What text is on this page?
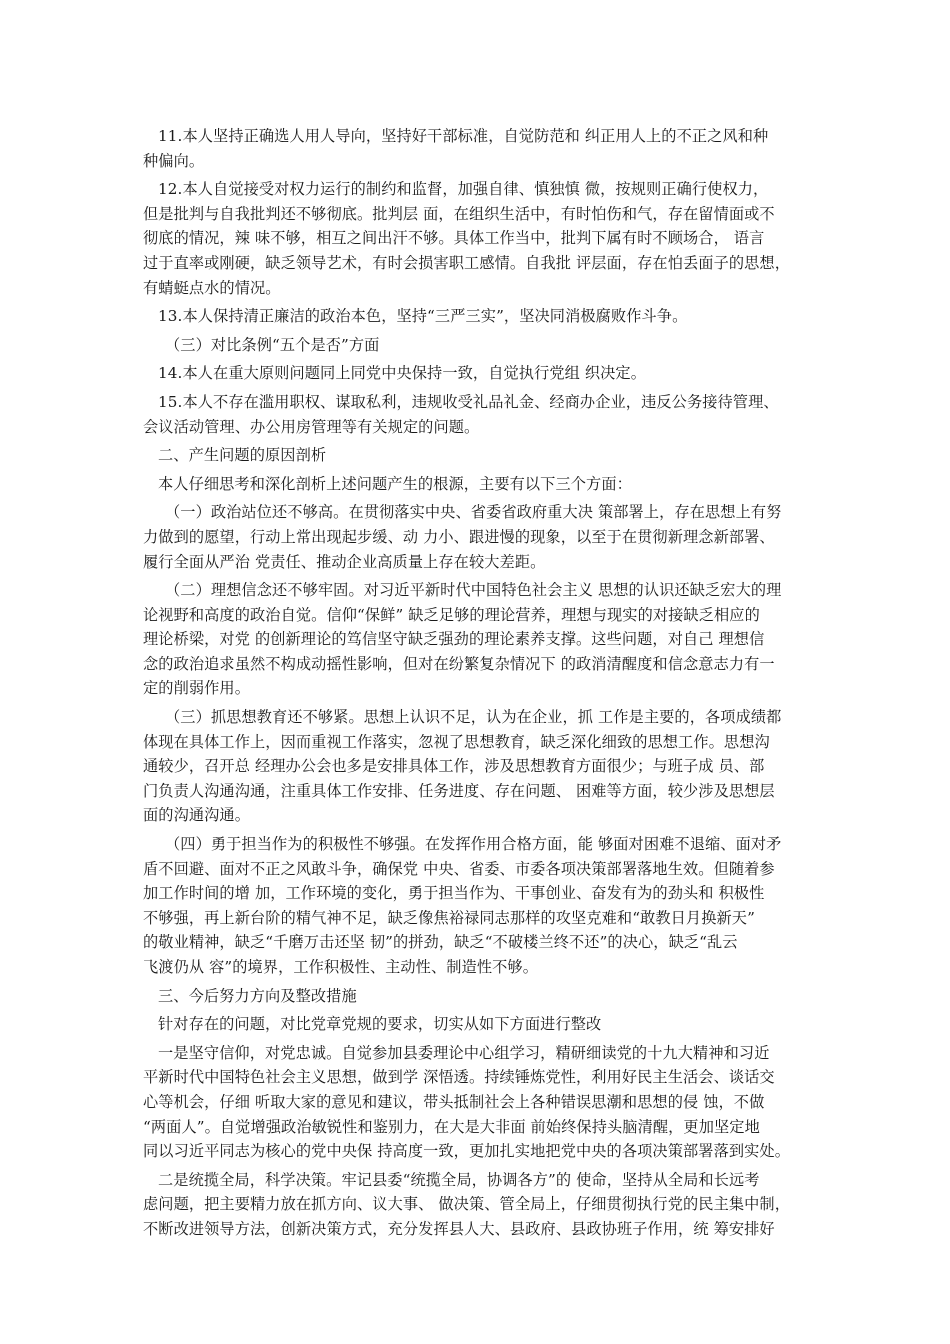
11.本人坚持正确选人用人导向，坚持好干部标准，自觉防范和 纠正用人上的不正之风和种
种偏向。
12.本人自觉接受对权力运行的制约和监督，加强自律、慎独慎 微，按规则正确行使权力，
但是批判与自我批判还不够彻底。批判层 面，在组织生活中，有时怕伤和气，存在留情面或不
彻底的情况，辣 味不够，相互之间出汗不够。具体工作当中，批判下属有时不顾场合， 语言
过于直率或刚硬，缺乏领导艺术，有时会损害职工感情。自我批 评层面，存在怕丢面子的思想，
有蜻蜓点水的情况。
13.本人保持清正廉洁的政治本色，坚持“三严三实”，坚决同消极腐败作斗争。
（三）对比条例“五个是否”方面
14.本人在重大原则问题同上同党中央保持一致，自觉执行党组 织决定。
15.本人不存在滥用职权、谋取私利，违规收受礼品礼金、经商办企业，违反公务接待管理、
会议活动管理、办公用房管理等有关规定的问题。
二、产生问题的原因剖析
本人仔细思考和深化剖析上述问题产生的根源，主要有以下三个方面：
（一）政治站位还不够高。在贯彻落实中央、省委省政府重大决 策部署上，存在思想上有努
力做到的愿望，行动上常出现起步缓、动 力小、跟进慢的现象，以至于在贯彻新理念新部署、
履行全面从严治 党责任、推动企业高质量上存在较大差距。
（二）理想信念还不够牢固。对习近平新时代中国特色社会主义 思想的认识还缺乏宏大的理
论视野和高度的政治自觉。信仰“保鲜” 缺乏足够的理论营养，理想与现实的对接缺乏相应的
理论桥梁，对党 的创新理论的笃信坚守缺乏强劲的理论素养支撑。这些问题，对自己 理想信
念的政治追求虽然不构成动摇性影响，但对在纷繁复杂情况下 的政消清醒度和信念意志力有一
定的削弱作用。
（三）抓思想教育还不够紧。思想上认识不足，认为在企业，抓 工作是主要的，各项成绩都
体现在具体工作上，因而重视工作落实，忽视了思想教育，缺乏深化细致的思想工作。思想沟
通较少，召开总 经理办公会也多是安排具体工作，涉及思想教育方面很少；与班子成 员、部
门负责人沟通沟通，注重具体工作安排、任务进度、存在问题、 困难等方面，较少涉及思想层
面的沟通沟通。
（四）勇于担当作为的积极性不够强。在发挥作用合格方面，能 够面对困难不退缩、面对矛
盾不回避、面对不正之风敢斗争，确保党 中央、省委、市委各项决策部署落地生效。但随着参
加工作时间的增 加，工作环境的变化，勇于担当作为、干事创业、奋发有为的劲头和 积极性
不够强，再上新台阶的精气神不足，缺乏像焦裕禄同志那样的攻坚克难和“敢教日月换新天”
的敬业精神，缺乏“千磨万击还坚 韧”的拼劲，缺乏“不破楼兰终不还”的决心，缺乏“乱云
飞渡仍从 容”的境界，工作积极性、主动性、制造性不够。
三、今后努力方向及整改措施
针对存在的问题，对比党章党规的要求，切实从如下方面进行整改
一是坚守信仰，对党忠诚。自觉参加县委理论中心组学习，精研细读党的十九大精神和习近
平新时代中国特色社会主义思想，做到学 深悟透。持续锤炼党性，利用好民主生活会、谈话交
心等机会，仔细 听取大家的意见和建议，带头抵制社会上各种错误思潮和思想的侵 蚀，不做
“两面人”。自觉增强政治敏锐性和鉴别力，在大是大非面 前始终保持头脑清醒，更加坚定地
同以习近平同志为核心的党中央保 持高度一致，更加扎实地把党中央的各项决策部署落到实处。
二是统揽全局，科学决策。牢记县委“统揽全局，协调各方”的 使命，坚持从全局和长远考
虑问题，把主要精力放在抓方向、议大事、 做决策、管全局上，仔细贯彻执行党的民主集中制，
不断改进领导方法，创新决策方式，充分发挥县人大、县政府、县政协班子作用，统 筹安排好
